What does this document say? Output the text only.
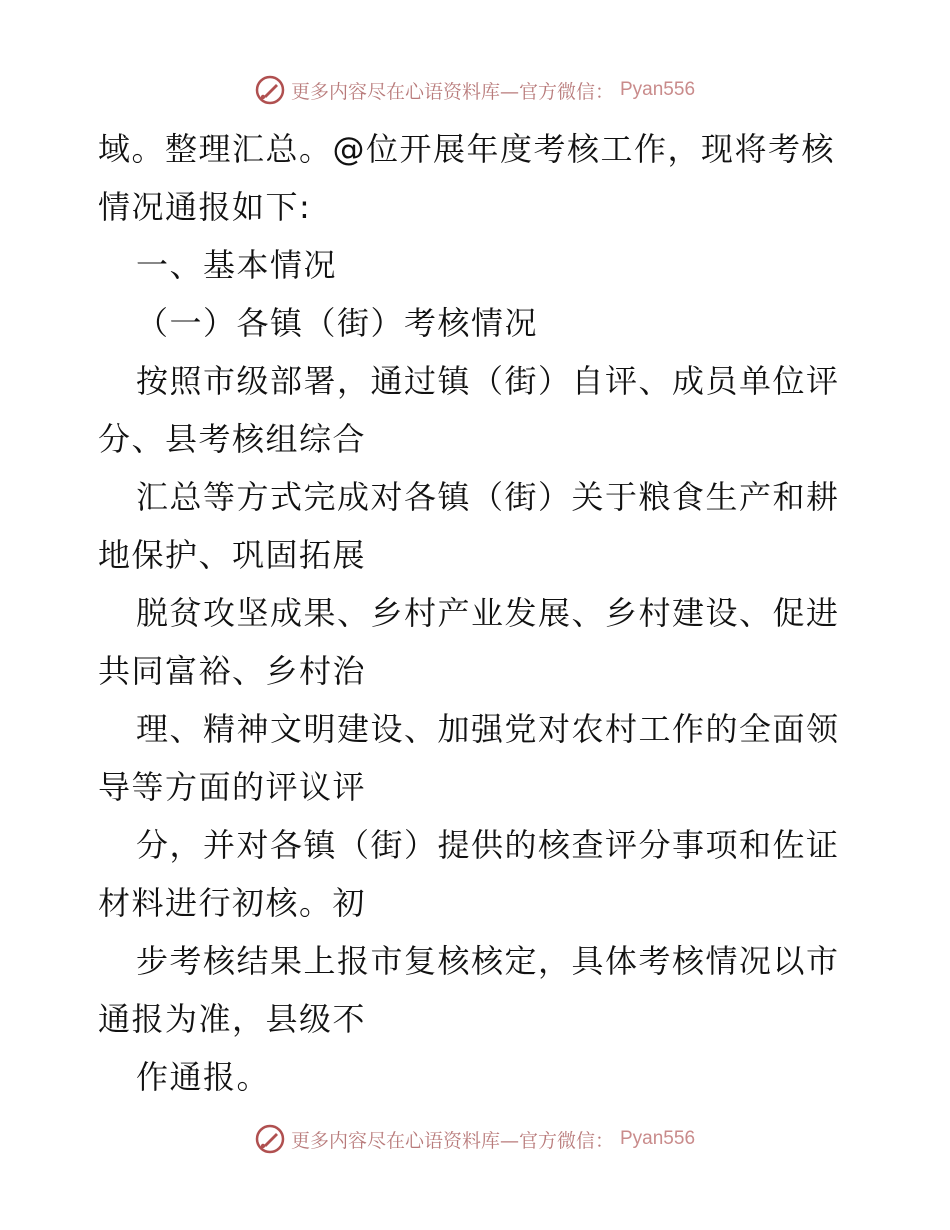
更多内容尽在心语资料库—官方微信： Pyan556

域。整理汇总。@位开展年度考核工作，现将考核

情况通报如下:

一、基本情况

（一）各镇（街）考核情况

按照市级部署，通过镇（街）自评、成员单位评

分、县考核组综合

汇总等方式完成对各镇（街）关于粮食生产和耕

地保护、巩固拓展

脱贫攻坚成果、乡村产业发展、乡村建设、促进

共同富裕、乡村治

理、精神文明建设、加强党对农村工作的全面领

导等方面的评议评

分，并对各镇（街）提供的核查评分事项和佐证

材料进行初核。初

步考核结果上报市复核核定，具体考核情况以市

通报为准，县级不

作通报。

更多内容尽在心语资料库—官方微信： Pyan556
